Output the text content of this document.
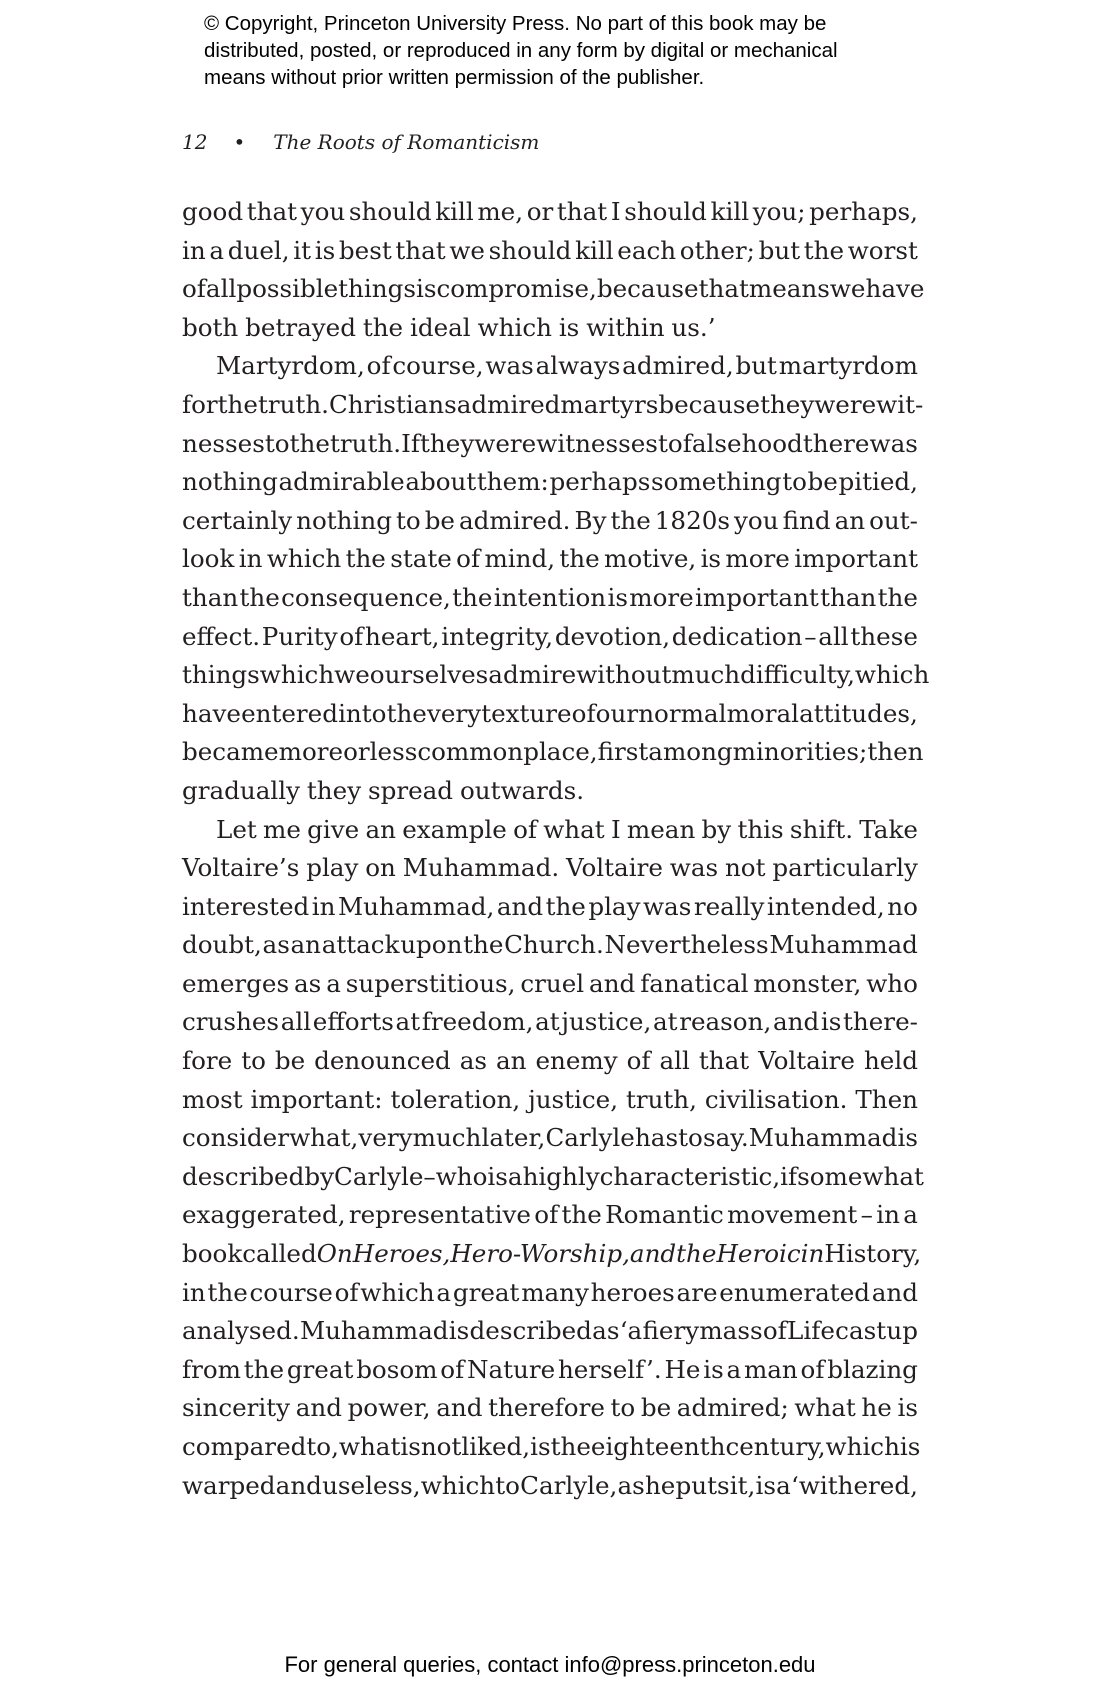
© Copyright, Princeton University Press. No part of this book may be
distributed, posted, or reproduced in any form by digital or mechanical
means without prior written permission of the publisher.
12 • The Roots of Romanticism
good that you should kill me, or that I should kill you; perhaps,
in a duel, it is best that we should kill each other; but the worst
of all possible things is compromise, because that means we have
both betrayed the ideal which is within us.’
Martyrdom, of course, was always admired, but martyrdom
for the truth. Christians admired martyrs because they were wit-
nesses to the truth. If they were witnesses to falsehood there was
nothing admirable about them: perhaps something to be pitied,
certainly nothing to be admired. By the 1820s you find an out-
look in which the state of mind, the motive, is more important
than the consequence, the intention is more important than the
effect. Purity of heart, integrity, devotion, dedication – all these
things which we ourselves admire without much difficulty, which
have entered into the very texture of our normal moral attitudes,
became more or less commonplace, first among minorities; then
gradually they spread outwards.
Let me give an example of what I mean by this shift. Take
Voltaire’s play on Muhammad. Voltaire was not particularly
interested in Muhammad, and the play was really intended, no
doubt, as an attack upon the Church. Nevertheless Muhammad
emerges as a superstitious, cruel and fanatical monster, who
crushes all efforts at freedom, at justice, at reason, and is there-
fore to be denounced as an enemy of all that Voltaire held
most important: toleration, justice, truth, civilisation. Then
consider what, very much later, Carlyle has to say. Muhammad is
described by Carlyle – who is a highly characteristic, if somewhat
exaggerated, representative of the Romantic movement – in a
book called On Heroes, Hero-Worship, and the Heroic in History,
in the course of which a great many heroes are enumerated and
analysed. Muhammad is described as ‘a fiery mass of Life cast up
from the great bosom of Nature herself’. He is a man of blazing
sincerity and power, and therefore to be admired; what he is
compared to, what is not liked, is the eighteenth century, which is
warped and useless, which to Carlyle, as he puts it, is a ‘withered,
For general queries, contact info@press.princeton.edu
